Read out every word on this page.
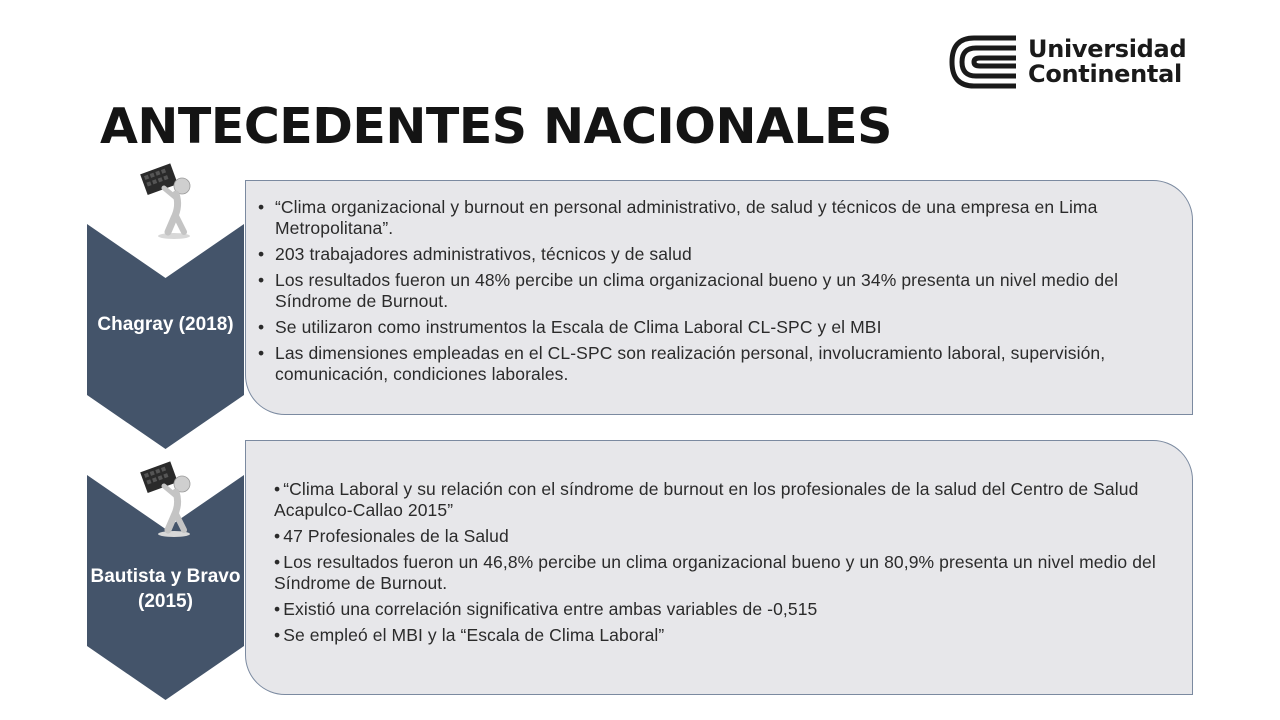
Universidad
Continental
ANTECEDENTES NACIONALES
Chagray (2018)
Bautista y Bravo (2015)
• “Clima organizacional y burnout en personal administrativo, de salud y técnicos de una empresa en Lima Metropolitana”.
• 203 trabajadores administrativos, técnicos y de salud
• Los resultados fueron un 48% percibe un clima organizacional bueno y un 34% presenta un nivel medio del Síndrome de Burnout.
• Se utilizaron como instrumentos la Escala de Clima Laboral CL-SPC y el MBI
• Las dimensiones empleadas en el CL-SPC son realización personal, involucramiento laboral, supervisión, comunicación, condiciones laborales.
• “Clima Laboral y su relación con el síndrome de burnout en los profesionales de la salud del Centro de Salud Acapulco-Callao 2015”
• 47 Profesionales de la Salud
• Los resultados fueron un 46,8% percibe un clima organizacional bueno y un 80,9% presenta un nivel medio del Síndrome de Burnout.
• Existió una correlación significativa entre ambas variables de -0,515
• Se empleó el MBI y la “Escala de Clima Laboral”
